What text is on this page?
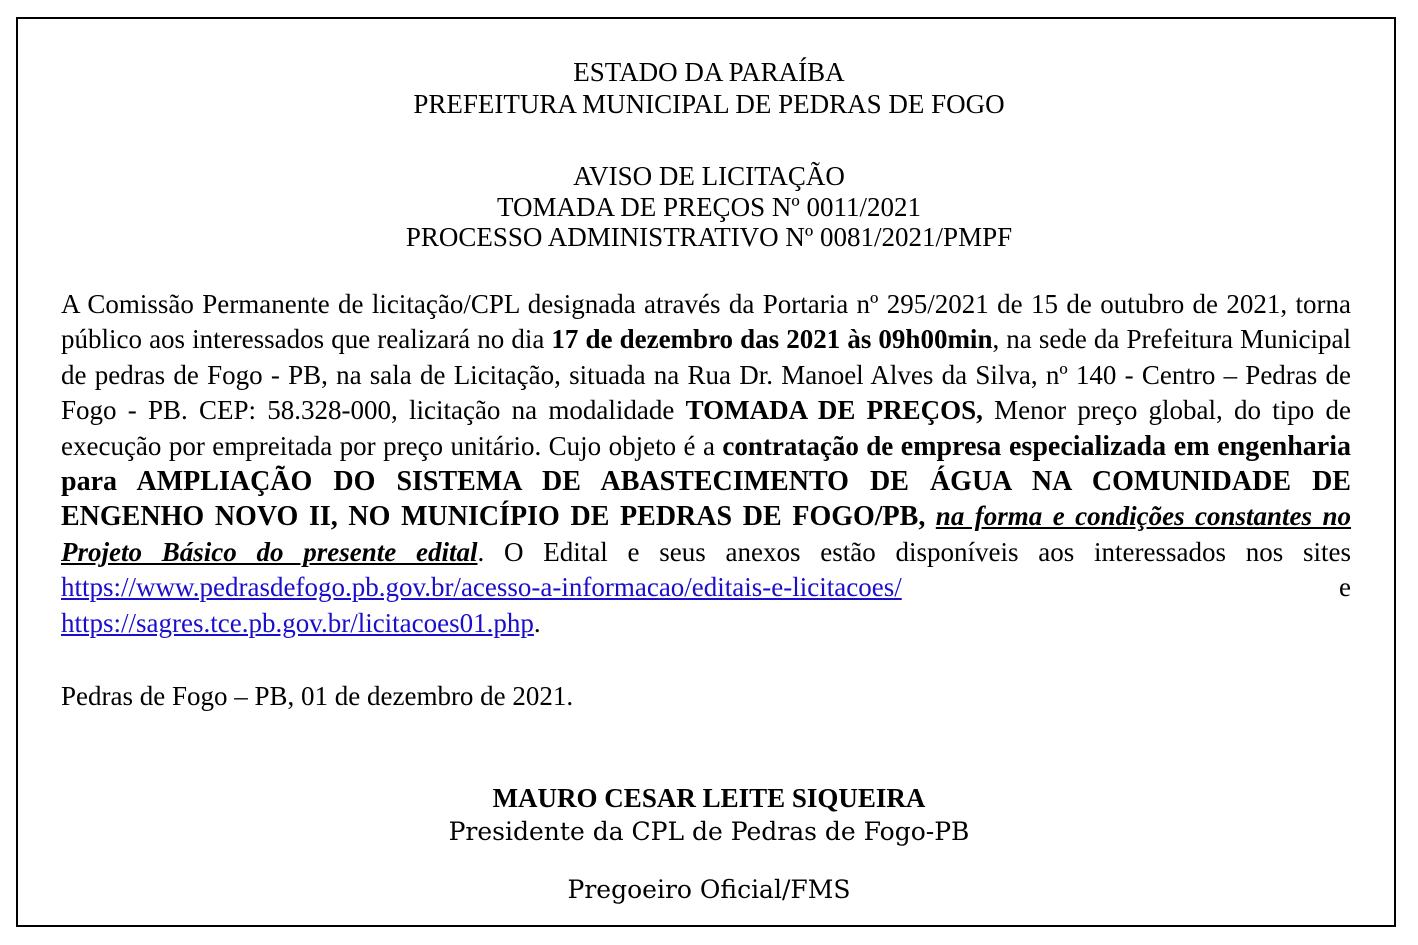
ESTADO DA PARAÍBA
PREFEITURA MUNICIPAL DE PEDRAS DE FOGO
AVISO DE LICITAÇÃO
TOMADA DE PREÇOS Nº 0011/2021
PROCESSO ADMINISTRATIVO Nº 0081/2021/PMPF
A Comissão Permanente de licitação/CPL designada através da Portaria nº 295/2021 de 15 de outubro de 2021, torna público aos interessados que realizará no dia 17 de dezembro das 2021 às 09h00min, na sede da Prefeitura Municipal de pedras de Fogo - PB, na sala de Licitação, situada na Rua Dr. Manoel Alves da Silva, nº 140 - Centro – Pedras de Fogo - PB. CEP: 58.328-000, licitação na modalidade TOMADA DE PREÇOS, Menor preço global, do tipo de execução por empreitada por preço unitário. Cujo objeto é a contratação de empresa especializada em engenharia para AMPLIAÇÃO DO SISTEMA DE ABASTECIMENTO DE ÁGUA NA COMUNIDADE DE ENGENHO NOVO II, NO MUNICÍPIO DE PEDRAS DE FOGO/PB, na forma e condições constantes no Projeto Básico do presente edital. O Edital e seus anexos estão disponíveis aos interessados nos sites https://www.pedrasdefogo.pb.gov.br/acesso-a-informacao/editais-e-licitacoes/ e https://sagres.tce.pb.gov.br/licitacoes01.php.
Pedras de Fogo – PB, 01 de dezembro de 2021.
MAURO CESAR LEITE SIQUEIRA
Presidente da CPL de Pedras de Fogo-PB
Pregoeiro Oficial/FMS
